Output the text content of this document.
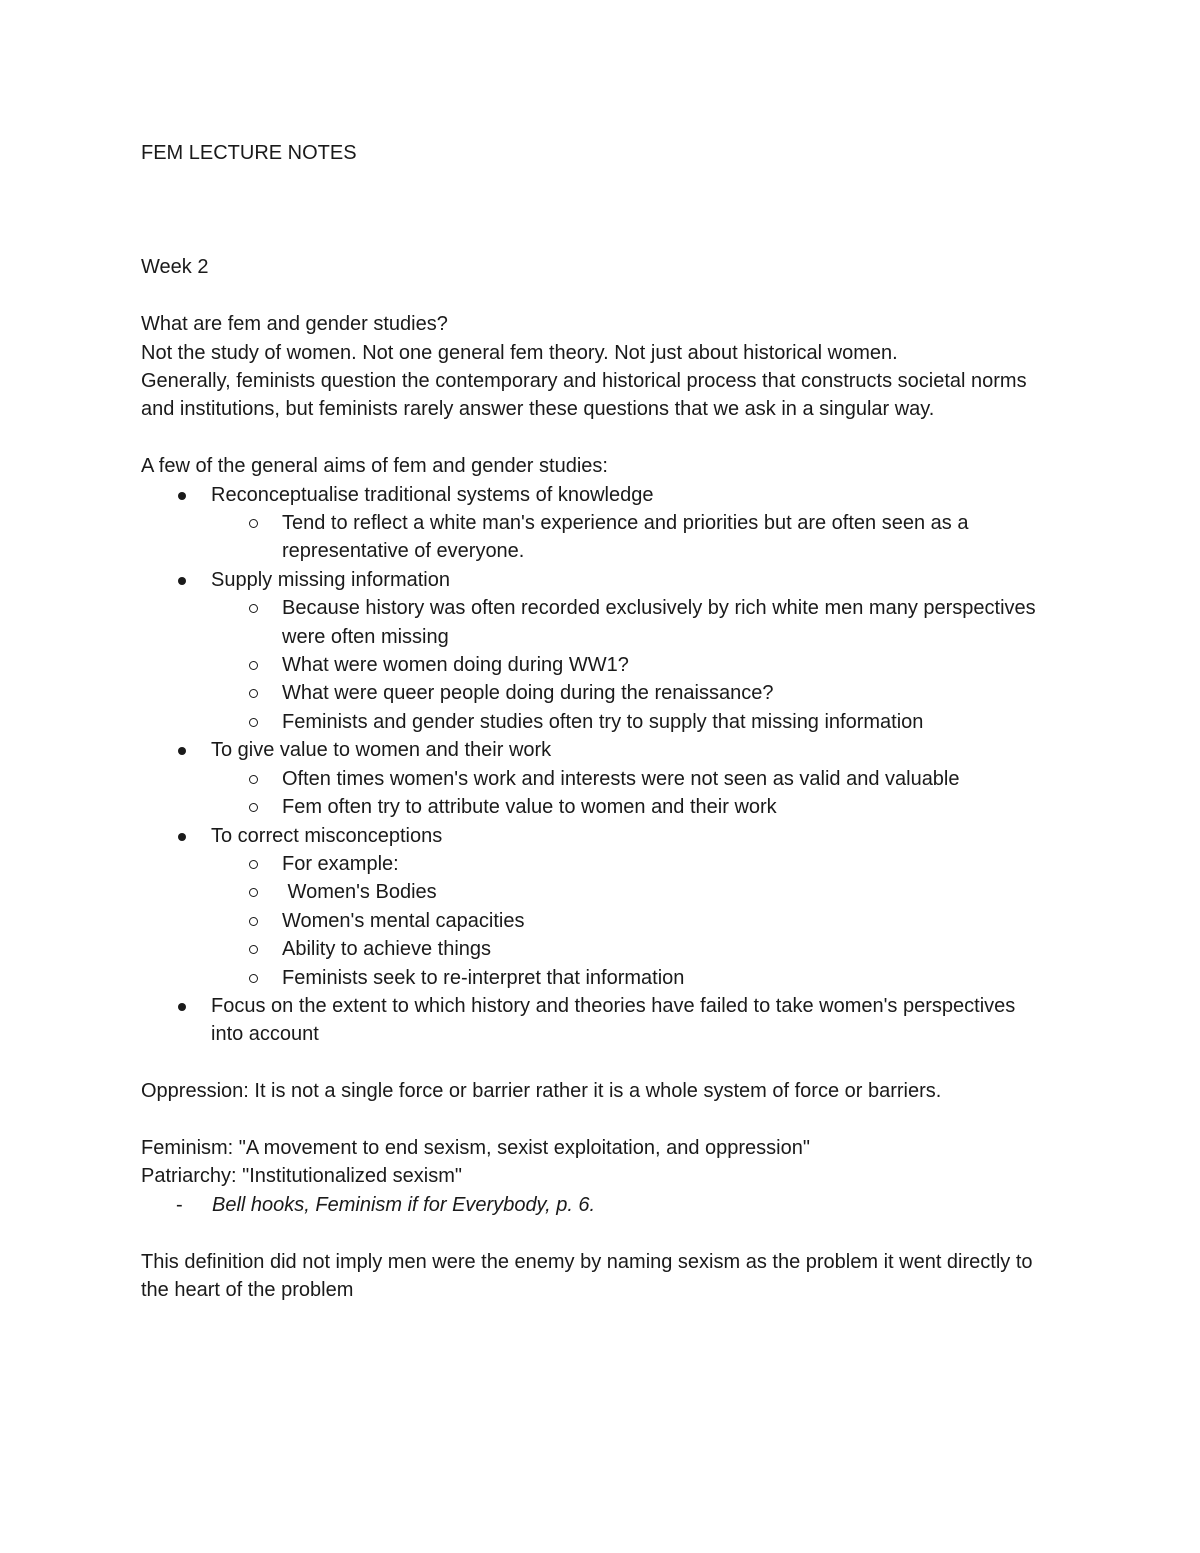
FEM LECTURE NOTES

Week 2

What are fem and gender studies?

Not the study of women. Not one general fem theory. Not just about historical women.

Generally, feminists question the contemporary and historical process that constructs societal norms and institutions, but feminists rarely answer these questions that we ask in a singular way.

A few of the general aims of fem and gender studies:

Reconceptualise traditional systems of knowledge
Tend to reflect a white man's experience and priorities but are often seen as a representative of everyone.
Supply missing information
Because history was often recorded exclusively by rich white men many perspectives were often missing
What were women doing during WW1?
What were queer people doing during the renaissance?
Feminists and gender studies often try to supply that missing information
To give value to women and their work
Often times women's work and interests were not seen as valid and valuable
Fem often try to attribute value to women and their work
To correct misconceptions
For example:
Women's Bodies
Women's mental capacities
Ability to achieve things
Feminists seek to re-interpret that information
Focus on the extent to which history and theories have failed to take women's perspectives into account

Oppression: It is not a single force or barrier rather it is a whole system of force or barriers.

Feminism: "A movement to end sexism, sexist exploitation, and oppression"

Patriarchy: "Institutionalized sexism"

- Bell hooks, Feminism if for Everybody, p. 6.

This definition did not imply men were the enemy by naming sexism as the problem it went directly to the heart of the problem
